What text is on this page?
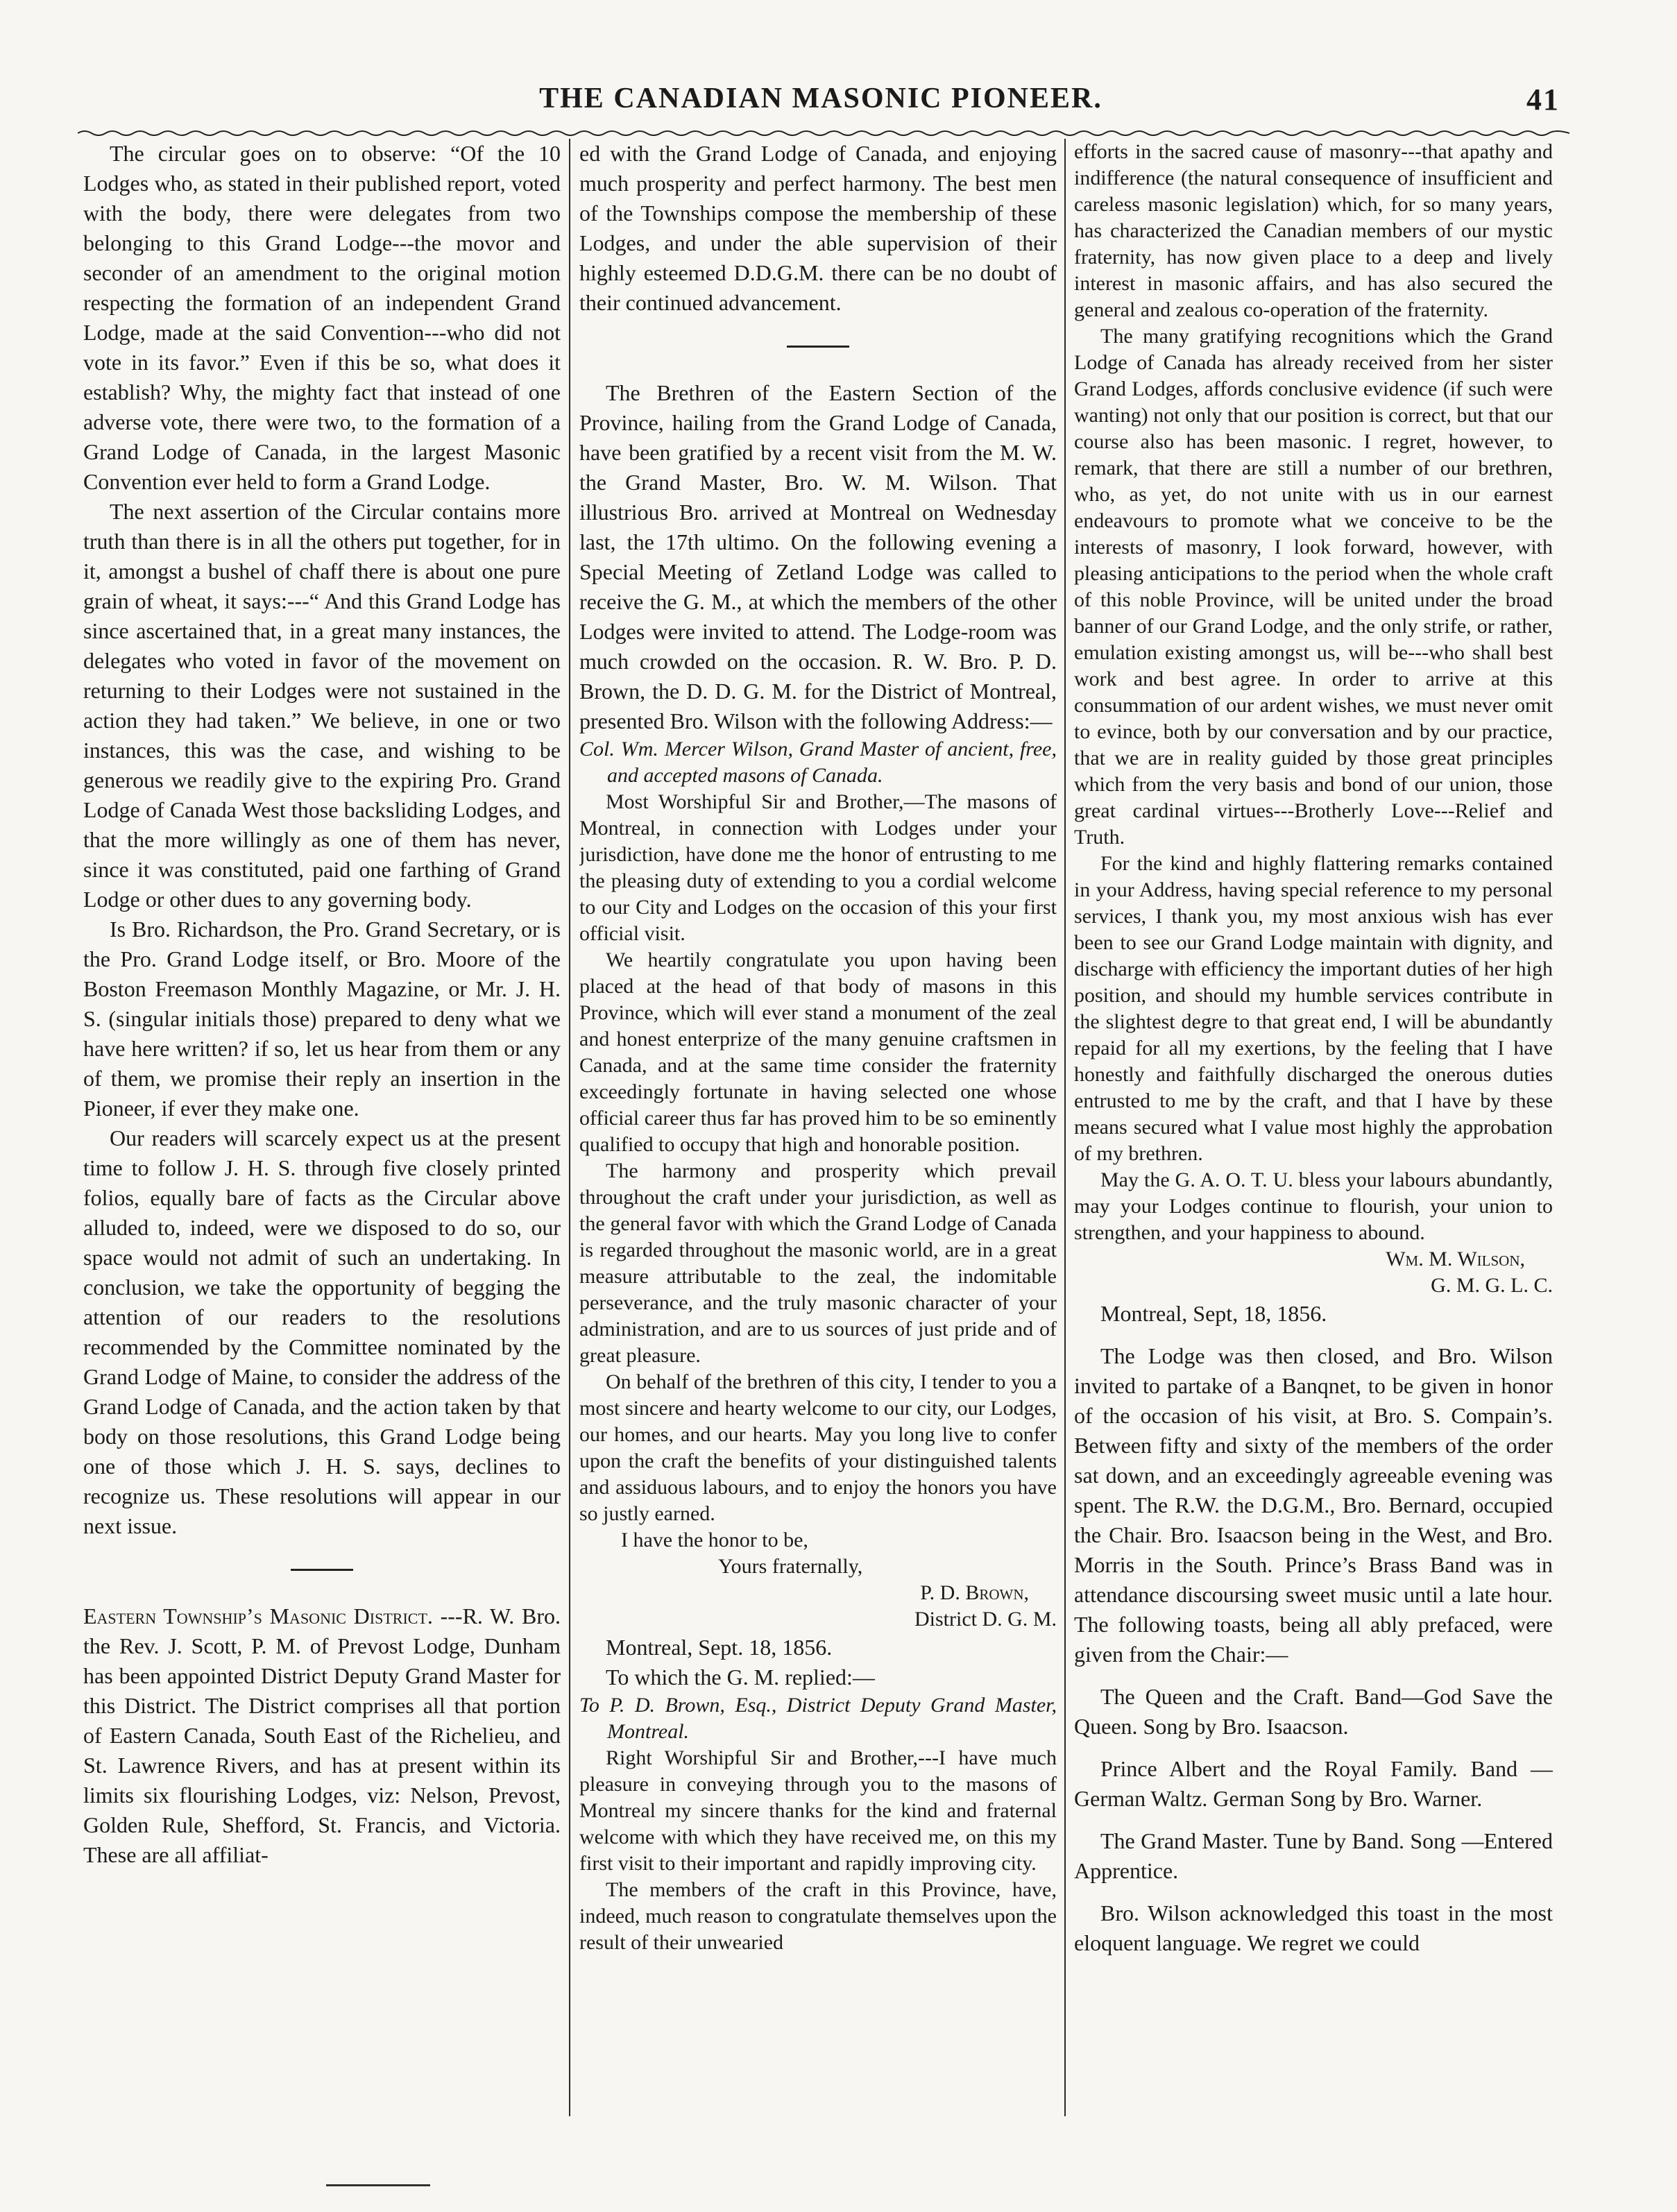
THE CANADIAN MASONIC PIONEER.	41

The circular goes on to observe: “Of the 10 Lodges who, as stated in their published report, voted with the body, there were delegates from two belonging to this Grand Lodge---the movor and seconder of an amendment to the original motion respecting the formation of an independent Grand Lodge, made at the said Convention---who did not vote in its favor.” Even if this be so, what does it establish? Why, the mighty fact that instead of one adverse vote, there were two, to the formation of a Grand Lodge of Canada, in the largest Masonic Convention ever held to form a Grand Lodge.

The next assertion of the Circular contains more truth than there is in all the others put together, for in it, amongst a bushel of chaff there is about one pure grain of wheat, it says:---“ And this Grand Lodge has since ascertained that, in a great many instances, the delegates who voted in favor of the movement on returning to their Lodges were not sustained in the action they had taken.” We believe, in one or two instances, this was the case, and wishing to be generous we readily give to the expiring Pro. Grand Lodge of Canada West those backsliding Lodges, and that the more willingly as one of them has never, since it was constituted, paid one farthing of Grand Lodge or other dues to any governing body.

Is Bro. Richardson, the Pro. Grand Secretary, or is the Pro. Grand Lodge itself, or Bro. Moore of the Boston Freemason Monthly Magazine, or Mr. J. H. S. (singular initials those) prepared to deny what we have here written? if so, let us hear from them or any of them, we promise their reply an insertion in the Pioneer, if ever they make one.

Our readers will scarcely expect us at the present time to follow J. H. S. through five closely printed folios, equally bare of facts as the Circular above alluded to, indeed, were we disposed to do so, our space would not admit of such an undertaking. In conclusion, we take the opportunity of begging the attention of our readers to the resolutions recommended by the Committee nominated by the Grand Lodge of Maine, to consider the address of the Grand Lodge of Canada, and the action taken by that body on those resolutions, this Grand Lodge being one of those which J. H. S. says, declines to recognize us. These resolutions will appear in our next issue.

Eastern Township’s Masonic District. ---R. W. Bro. the Rev. J. Scott, P. M. of Prevost Lodge, Dunham has been appointed District Deputy Grand Master for this District. The District comprises all that portion of Eastern Canada, South East of the Richelieu, and St. Lawrence Rivers, and has at present within its limits six flourishing Lodges, viz: Nelson, Prevost, Golden Rule, Shefford, St. Francis, and Victoria. These are all affiliat-

ed with the Grand Lodge of Canada, and enjoying much prosperity and perfect harmony. The best men of the Townships compose the membership of these Lodges, and under the able supervision of their highly esteemed D.D.G.M. there can be no doubt of their continued advancement.

The Brethren of the Eastern Section of the Province, hailing from the Grand Lodge of Canada, have been gratified by a recent visit from the M. W. the Grand Master, Bro. W. M. Wilson. That illustrious Bro. arrived at Montreal on Wednesday last, the 17th ultimo. On the following evening a Special Meeting of Zetland Lodge was called to receive the G. M., at which the members of the other Lodges were invited to attend. The Lodge-room was much crowded on the occasion. R. W. Bro. P. D. Brown, the D. D. G. M. for the District of Montreal, presented Bro. Wilson with the following Address:—

Col. Wm. Mercer Wilson, Grand Master of ancient, free, and accepted masons of Canada.

Most Worshipful Sir and Brother,—The masons of Montreal, in connection with Lodges under your jurisdiction, have done me the honor of entrusting to me the pleasing duty of extending to you a cordial welcome to our City and Lodges on the occasion of this your first official visit.

We heartily congratulate you upon having been placed at the head of that body of masons in this Province, which will ever stand a monument of the zeal and honest enterprize of the many genuine craftsmen in Canada, and at the same time consider the fraternity exceedingly fortunate in having selected one whose official career thus far has proved him to be so eminently qualified to occupy that high and honorable position.

The harmony and prosperity which prevail throughout the craft under your jurisdiction, as well as the general favor with which the Grand Lodge of Canada is regarded throughout the masonic world, are in a great measure attributable to the zeal, the indomitable perseverance, and the truly masonic character of your administration, and are to us sources of just pride and of great pleasure.

On behalf of the brethren of this city, I tender to you a most sincere and hearty welcome to our city, our Lodges, our homes, and our hearts. May you long live to confer upon the craft the benefits of your distinguished talents and assiduous labours, and to enjoy the honors you have so justly earned.

I have the honor to be,

Yours fraternally,

P. D. Brown,

District D. G. M.

Montreal, Sept. 18, 1856.

To which the G. M. replied:—

To P. D. Brown, Esq., District Deputy Grand Master, Montreal.

Right Worshipful Sir and Brother,---I have much pleasure in conveying through you to the masons of Montreal my sincere thanks for the kind and fraternal welcome with which they have received me, on this my first visit to their important and rapidly improving city.

The members of the craft in this Province, have, indeed, much reason to congratulate themselves upon the result of their unwearied

efforts in the sacred cause of masonry---that apathy and indifference (the natural consequence of insufficient and careless masonic legislation) which, for so many years, has characterized the Canadian members of our mystic fraternity, has now given place to a deep and lively interest in masonic affairs, and has also secured the general and zealous co-operation of the fraternity.

The many gratifying recognitions which the Grand Lodge of Canada has already received from her sister Grand Lodges, affords conclusive evidence (if such were wanting) not only that our position is correct, but that our course also has been masonic. I regret, however, to remark, that there are still a number of our brethren, who, as yet, do not unite with us in our earnest endeavours to promote what we conceive to be the interests of masonry, I look forward, however, with pleasing anticipations to the period when the whole craft of this noble Province, will be united under the broad banner of our Grand Lodge, and the only strife, or rather, emulation existing amongst us, will be---who shall best work and best agree. In order to arrive at this consummation of our ardent wishes, we must never omit to evince, both by our conversation and by our practice, that we are in reality guided by those great principles which from the very basis and bond of our union, those great cardinal virtues---Brotherly Love---Relief and Truth.

For the kind and highly flattering remarks contained in your Address, having special reference to my personal services, I thank you, my most anxious wish has ever been to see our Grand Lodge maintain with dignity, and discharge with efficiency the important duties of her high position, and should my humble services contribute in the slightest degre to that great end, I will be abundantly repaid for all my exertions, by the feeling that I have honestly and faithfully discharged the onerous duties entrusted to me by the craft, and that I have by these means secured what I value most highly the approbation of my brethren.

May the G. A. O. T. U. bless your labours abundantly, may your Lodges continue to flourish, your union to strengthen, and your happiness to abound.

Wm. M. Wilson,

G. M. G. L. C.

Montreal, Sept, 18, 1856.

The Lodge was then closed, and Bro. Wilson invited to partake of a Banqnet, to be given in honor of the occasion of his visit, at Bro. S. Compain’s. Between fifty and sixty of the members of the order sat down, and an exceedingly agreeable evening was spent. The R.W. the D.G.M., Bro. Bernard, occupied the Chair. Bro. Isaacson being in the West, and Bro. Morris in the South. Prince’s Brass Band was in attendance discoursing sweet music until a late hour. The following toasts, being all ably prefaced, were given from the Chair:—

The Queen and the Craft. Band—God Save the Queen. Song by Bro. Isaacson.

Prince Albert and the Royal Family. Band —German Waltz. German Song by Bro. Warner.

The Grand Master. Tune by Band. Song —Entered Apprentice.

Bro. Wilson acknowledged this toast in the most eloquent language. We regret we could
